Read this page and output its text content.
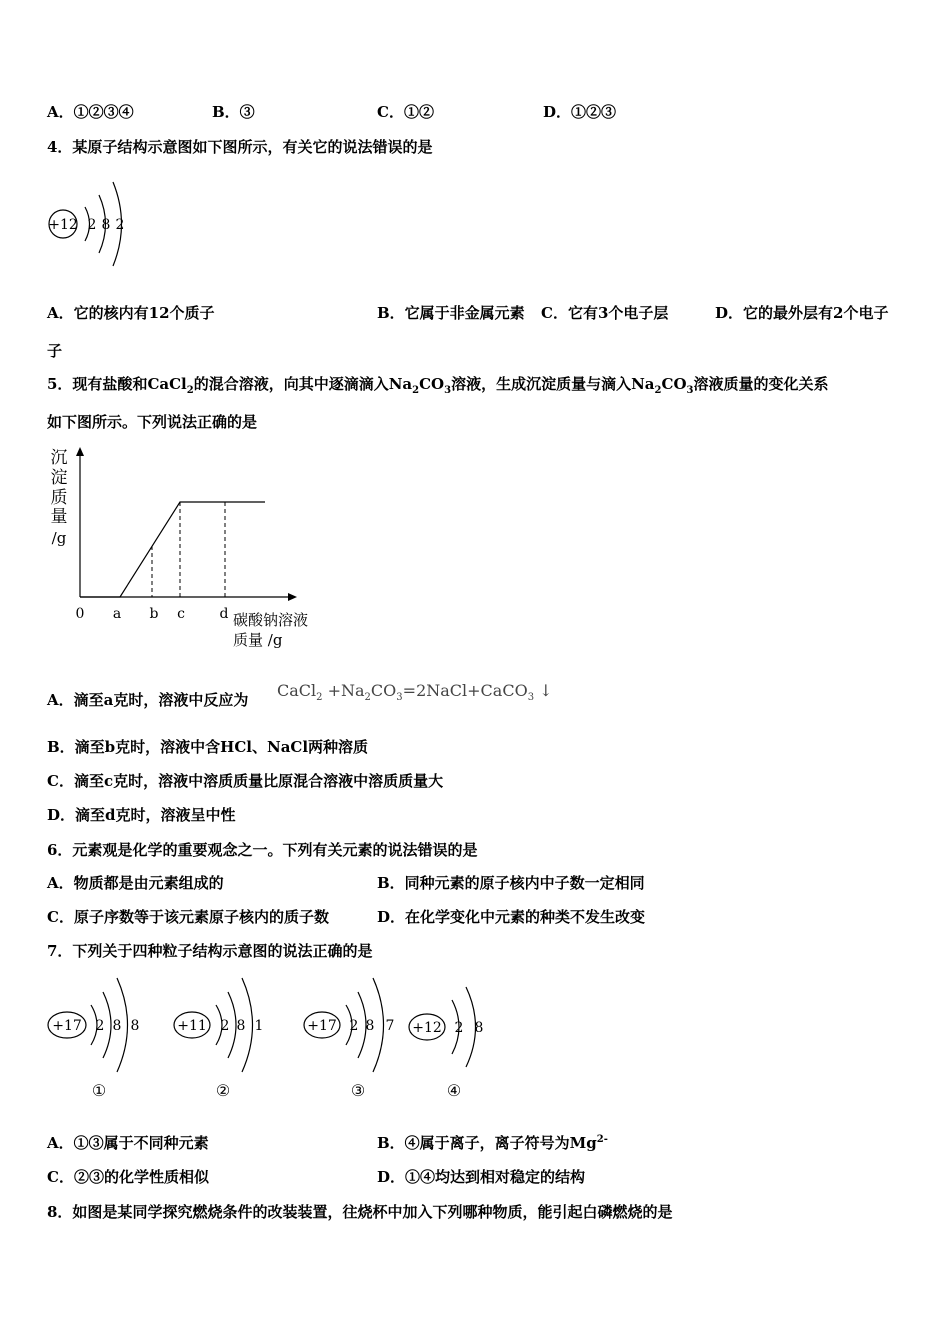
A．①②③④	B．③	C．①②	D．①②③
4．某原子结构示意图如下图所示，有关它的说法错误的是
+12 2 8 2
A．它的核内有12个质子	B．它属于非金属元素 C．它有3个电子层	D．它的最外层有2个电子
子
5．现有盐酸和CaCl$_2$的混合溶液，向其中逐滴滴入$Na_2CO_3$溶液，生成沉淀质量与滴入$Na_2CO_3$溶液质量的变化关系
如下图所示。下列说法正确的是
沉
淀
质
量
/g
0 a b c d 碳酸钠溶液
质量 /g
A．滴至a克时，溶液中反应为 CaCl$_2$ $+Na_2CO_3=2NaCl+CaCO_3$ ↓
B．滴至b克时，溶液中含HCl、NaCl两种溶质
C．滴至c克时，溶液中溶质质量比原混合溶液中溶质质量大
D．滴至d克时，溶液呈中性
6．元素观是化学的重要观念之一。下列有关元素的说法错误的是
A．物质都是由元素组成的	B．同种元素的原子核内中子数一定相同
C．原子序数等于该元素原子核内的质子数	D．在化学变化中元素的种类不发生改变
7．下列关于四种粒子结构示意图的说法正确的是
+17 2 8 8
①
+11 2 8 1
②
+17 2 8 7
③
+12 2 8
④
A．①③属于不同种元素	B．④属于离子，离子符号为$Mg^{2-}$
C．②③的化学性质相似	D．①④均达到相对稳定的结构
8．如图是某同学探究燃烧条件的改装装置，往烧杯中加入下列哪种物质，能引起白磷燃烧的是
